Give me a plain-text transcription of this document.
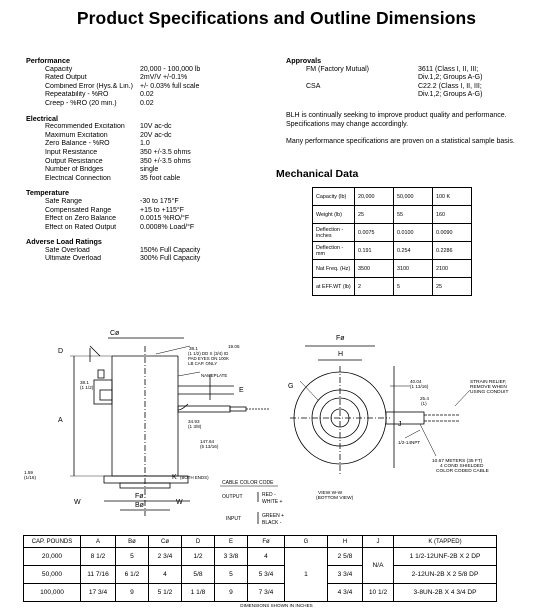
Product Specifications and Outline Dimensions
Performance
Capacity	20,000 - 100,000 lb
Rated Output	2mV/V +/-0.1%
Combined Error (Hys.& Lin.)	+/- 0.03% full scale
Repeatability - %RO	0.02
Creep - %RO (20 min.)	0.02
Electrical
Recommended Excitation	10V ac-dc
Maximum Excitation	20V ac-dc
Zero Balance - %RO	1.0
Input Resistance	350 +/-3.5 ohms
Output Resistance	350 +/-3.5 ohms
Number of Bridges	single
Electrical Connection	35 foot cable
Temperature
Safe Range	-30 to 175°F
Compensated Range	+15 to +115°F
Effect on Zero Balance	0.0015 %RO/°F
Effect on Rated Output	0.0008% Load/°F
Adverse Load Ratings
Safe Overload	150% Full Capacity
Ultimate Overload	300% Full Capacity
Approvals
FM (Factory Mutual)	3611 (Class I, II, III;
Div.1,2; Groups A-G)
CSA	C22.2 (Class I, II, III;
Div.1,2; Groups A-G)
BLH is continually seeking to improve product quality and performance. Specifications may change accordingly.
Many performance specifications are proven on a statistical sample basis.
Mechanical Data
Capacity (lb)	20,000	50,000	100 K
Weight (lb)	25	55	160
Deflection - inches	0.0075	0.0100	0.0090
Deflection - mm	0.191	0.254	0.2286
Nat Freq. (Hz)	3500	3100	2100
at EFF.WT (lb)	2	5	25
D
Cø
A
38.1	19.05
(1 1/2) DD X (3/4) ID
PAD EYES ON 100K
LB CAP. ONLY
NAMEPLATE
E
38.1
(1 1/2)
34.93
(1 3/8)
147.64
(5 13/16)
1.59
(1/16)	K (BOTH ENDS)
Fø
Bø
W	W
Fø
H
G
J
40.04
(1 13/16)
25.4
(1)
STRAIN RELIEF,
REMOVE WHEN
USING CONDUIT
1/2-14NPT
10.67 METERS (35 FT)
4 COND SHIELDED
COLOR CODED CABLE
VIEW W-W
(BOTTOM VIEW)
CABLE COLOR CODE
OUTPUT	RED -
WHITE +
INPUT	GREEN +
BLACK -
CAP. POUNDS	A	Bø	Cø	D	E	Fø	G	H	J	K (TAPPED)
20,000	8 1/2	5	2 3/4	1/2	3 3/8	4	1	2 5/8	N/A	1 1/2-12UNF-2B X 2 DP
50,000	11 7/16	6 1/2	4	5/8	5	5 3/4		3 3/4		2-12UN-2B X 2 5/8 DP
100,000	17 3/4	9	5 1/2	1 1/8	9	7 3/4		4 3/4	10 1/2	3-8UN-2B X 4 3/4 DP
DIMENSIONS SHOWN IN INCHES
